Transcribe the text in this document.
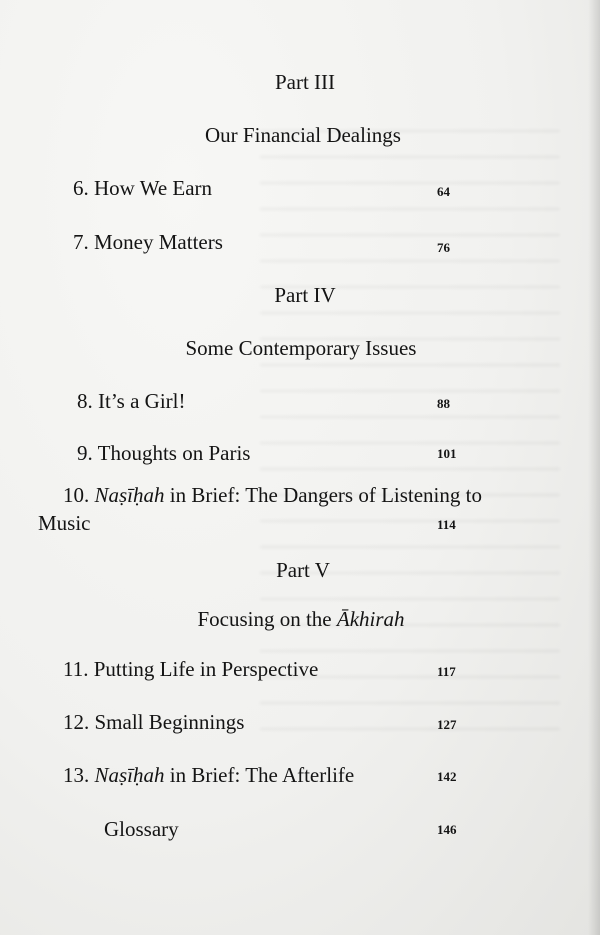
Part III
Our Financial Dealings
6. How We Earn	64
7. Money Matters	76
Part IV
Some Contemporary Issues
8. It’s a Girl!	88
9. Thoughts on Paris	101
10. Naṣīḥah in Brief: The Dangers of Listening to
Music	114
Part V
Focusing on the Ākhirah
11. Putting Life in Perspective	117
12. Small Beginnings	127
13. Naṣīḥah in Brief: The Afterlife	142
Glossary	146
